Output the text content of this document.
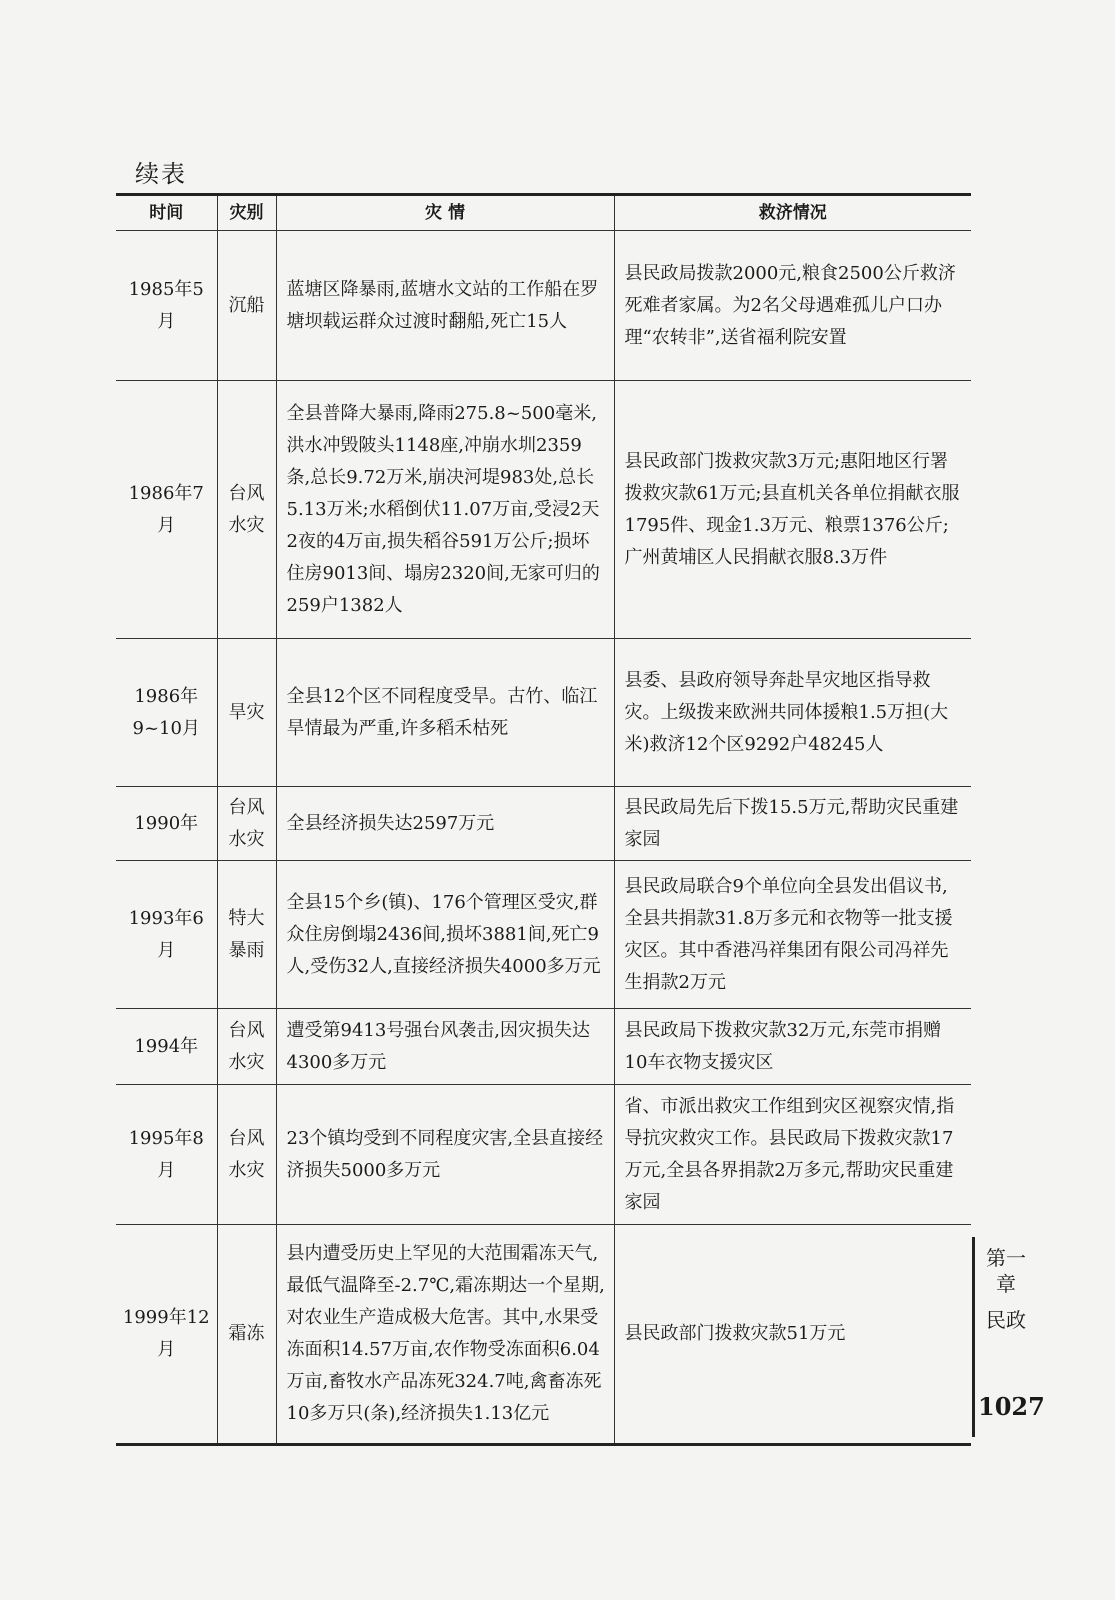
续表
时间	灾别	灾 情	救济情况
1985年5月	沉船	蓝塘区降暴雨,蓝塘水文站的工作船在罗塘坝载运群众过渡时翻船,死亡15人	县民政局拨款2000元,粮食2500公斤救济死难者家属。为2名父母遇难孤儿户口办理“农转非”,送省福利院安置
1986年7月	台风水灾	全县普降大暴雨,降雨275.8~500毫米,洪水冲毁陂头1148座,冲崩水圳2359条,总长9.72万米,崩决河堤983处,总长5.13万米;水稻倒伏11.07万亩,受浸2天2夜的4万亩,损失稻谷591万公斤;损坏住房9013间、塌房2320间,无家可归的259户1382人	县民政部门拨救灾款3万元;惠阳地区行署拨救灾款61万元;县直机关各单位捐献衣服1795件、现金1.3万元、粮票1376公斤;广州黄埔区人民捐献衣服8.3万件
1986年9~10月	旱灾	全县12个区不同程度受旱。古竹、临江旱情最为严重,许多稻禾枯死	县委、县政府领导奔赴旱灾地区指导救灾。上级拨来欧洲共同体援粮1.5万担(大米)救济12个区9292户48245人
1990年	台风水灾	全县经济损失达2597万元	县民政局先后下拨15.5万元,帮助灾民重建家园
1993年6月	特大暴雨	全县15个乡(镇)、176个管理区受灾,群众住房倒塌2436间,损坏3881间,死亡9人,受伤32人,直接经济损失4000多万元	县民政局联合9个单位向全县发出倡议书,全县共捐款31.8万多元和衣物等一批支援灾区。其中香港冯祥集团有限公司冯祥先生捐款2万元
1994年	台风水灾	遭受第9413号强台风袭击,因灾损失达4300多万元	县民政局下拨救灾款32万元,东莞市捐赠10车衣物支援灾区
1995年8月	台风水灾	23个镇均受到不同程度灾害,全县直接经济损失5000多万元	省、市派出救灾工作组到灾区视察灾情,指导抗灾救灾工作。县民政局下拨救灾款17万元,全县各界捐款2万多元,帮助灾民重建家园
1999年12月	霜冻	县内遭受历史上罕见的大范围霜冻天气,最低气温降至-2.7℃,霜冻期达一个星期,对农业生产造成极大危害。其中,水果受冻面积14.57万亩,农作物受冻面积6.04万亩,畜牧水产品冻死324.7吨,禽畜冻死10多万只(条),经济损失1.13亿元	县民政部门拨救灾款51万元
第一章
民政
1027
